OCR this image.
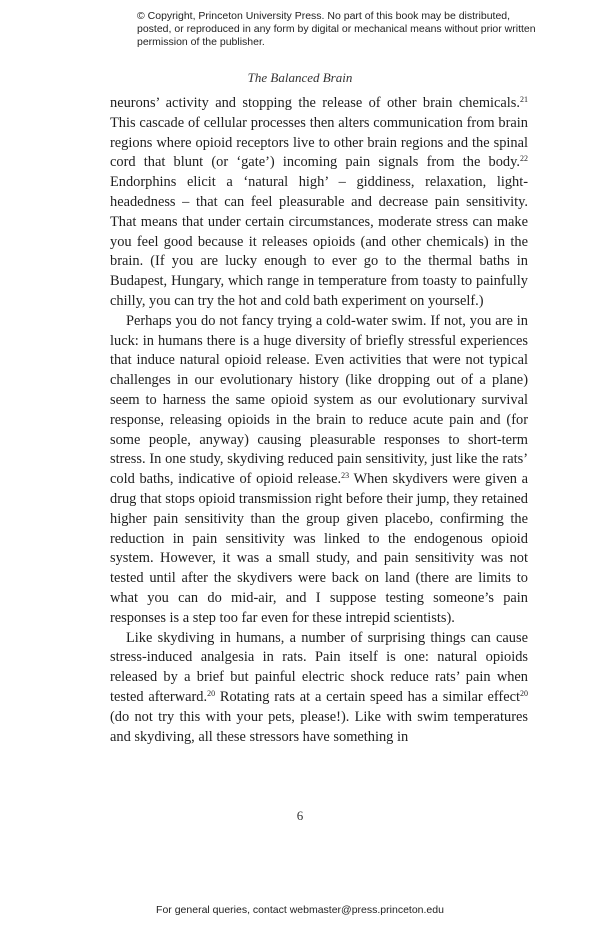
© Copyright, Princeton University Press. No part of this book may be distributed, posted, or reproduced in any form by digital or mechanical means without prior written permission of the publisher.
The Balanced Brain

neurons’ activity and stopping the release of other brain chemicals.$^{21}$ This cascade of cellular processes then alters communication from brain regions where opioid receptors live to other brain regions and the spinal cord that blunt (or ‘gate’) incoming pain signals from the body.$^{22}$ Endorphins elicit a ‘natural high’ – giddiness, relaxation, light-headedness – that can feel pleasurable and decrease pain sensitivity. That means that under certain circumstances, moderate stress can make you feel good because it releases opioids (and other chemicals) in the brain. (If you are lucky enough to ever go to the thermal baths in Budapest, Hungary, which range in temperature from toasty to painfully chilly, you can try the hot and cold bath experiment on yourself.)

Perhaps you do not fancy trying a cold-water swim. If not, you are in luck: in humans there is a huge diversity of briefly stressful experiences that induce natural opioid release. Even activities that were not typical challenges in our evolutionary history (like dropping out of a plane) seem to harness the same opioid system as our evolutionary survival response, releasing opioids in the brain to reduce acute pain and (for some people, anyway) causing pleasurable responses to short-term stress. In one study, skydiving reduced pain sensitivity, just like the rats’ cold baths, indicative of opioid release.$^{23}$ When skydivers were given a drug that stops opioid transmission right before their jump, they retained higher pain sensitivity than the group given placebo, confirming the reduction in pain sensitivity was linked to the endogenous opioid system. However, it was a small study, and pain sensitivity was not tested until after the skydivers were back on land (there are limits to what you can do mid-air, and I suppose testing someone’s pain responses is a step too far even for these intrepid scientists).

Like skydiving in humans, a number of surprising things can cause stress-induced analgesia in rats. Pain itself is one: natural opioids released by a brief but painful electric shock reduce rats’ pain when tested afterward.$^{20}$ Rotating rats at a certain speed has a similar effect$^{20}$ (do not try this with your pets, please!). Like with swim temperatures and skydiving, all these stressors have something in

6
For general queries, contact webmaster@press.princeton.edu
